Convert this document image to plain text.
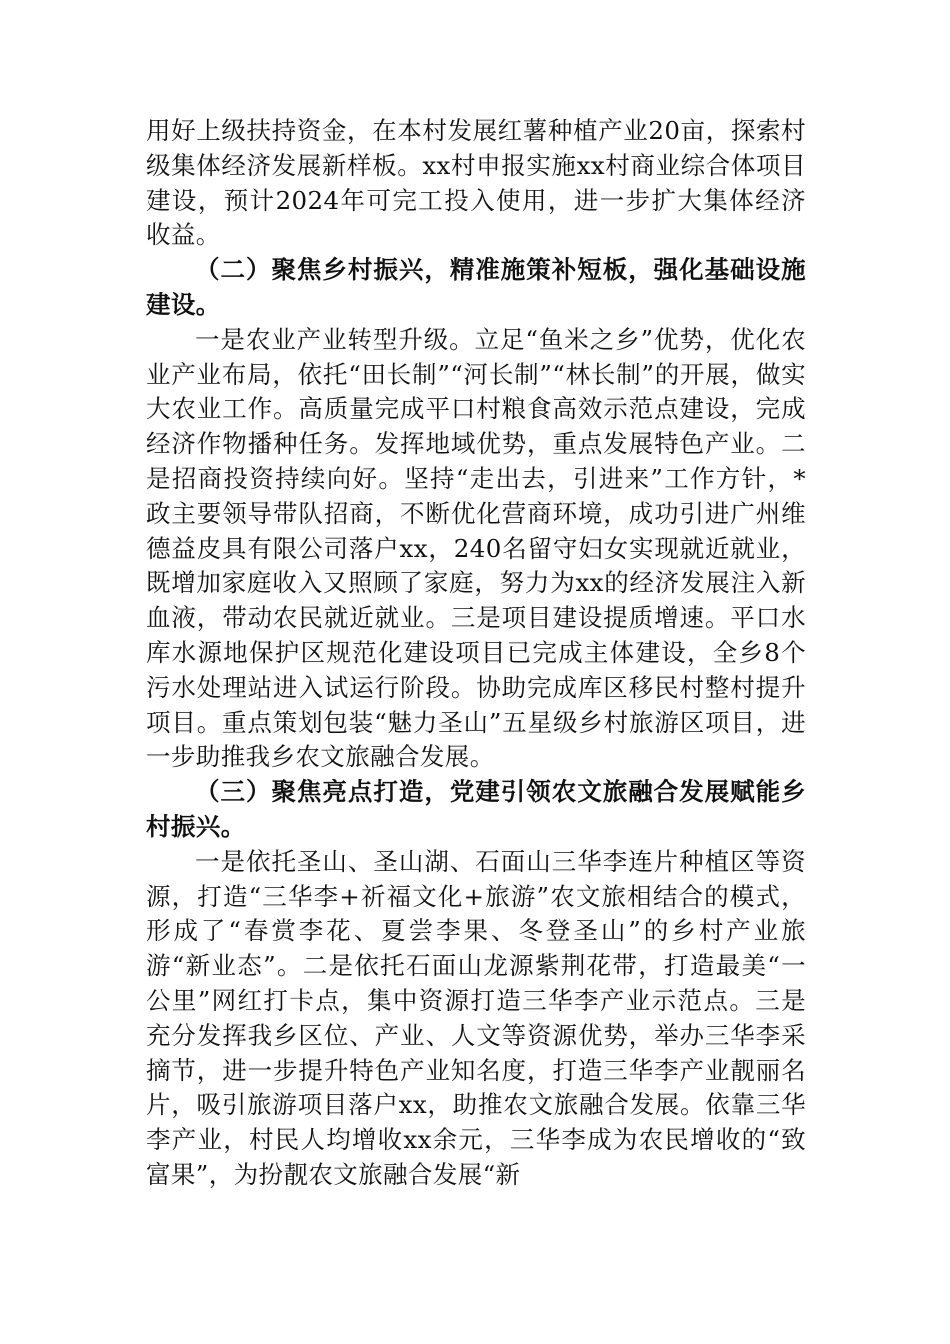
用好上级扶持资金，在本村发展红薯种植产业20亩，探索村级集体经济发展新样板。xx村申报实施xx村商业综合体项目建设，预计2024年可完工投入使用，进一步扩大集体经济收益。

（二）聚焦乡村振兴，精准施策补短板，强化基础设施建设。

一是农业产业转型升级。立足“鱼米之乡”优势，优化农业产业布局，依托“田长制”“河长制”“林长制”的开展，做实大农业工作。高质量完成平口村粮食高效示范点建设，完成经济作物播种任务。发挥地域优势，重点发展特色产业。二是招商投资持续向好。坚持“走出去，引进来”工作方针，*政主要领导带队招商，不断优化营商环境，成功引进广州维德益皮具有限公司落户xx，240名留守妇女实现就近就业，既增加家庭收入又照顾了家庭，努力为xx的经济发展注入新血液，带动农民就近就业。三是项目建设提质增速。平口水库水源地保护区规范化建设项目已完成主体建设，全乡8个污水处理站进入试运行阶段。协助完成库区移民村整村提升项目。重点策划包装“魅力圣山”五星级乡村旅游区项目，进一步助推我乡农文旅融合发展。

（三）聚焦亮点打造，党建引领农文旅融合发展赋能乡村振兴。

一是依托圣山、圣山湖、石面山三华李连片种植区等资源，打造“三华李+祈福文化+旅游”农文旅相结合的模式，形成了“春赏李花、夏尝李果、冬登圣山”的乡村产业旅游“新业态”。二是依托石面山龙源紫荆花带，打造最美“一公里”网红打卡点，集中资源打造三华李产业示范点。三是充分发挥我乡区位、产业、人文等资源优势，举办三华李采摘节，进一步提升特色产业知名度，打造三华李产业靓丽名片，吸引旅游项目落户xx，助推农文旅融合发展。依靠三华李产业，村民人均增收xx余元，三华李成为农民增收的“致富果”，为扮靓农文旅融合发展“新
